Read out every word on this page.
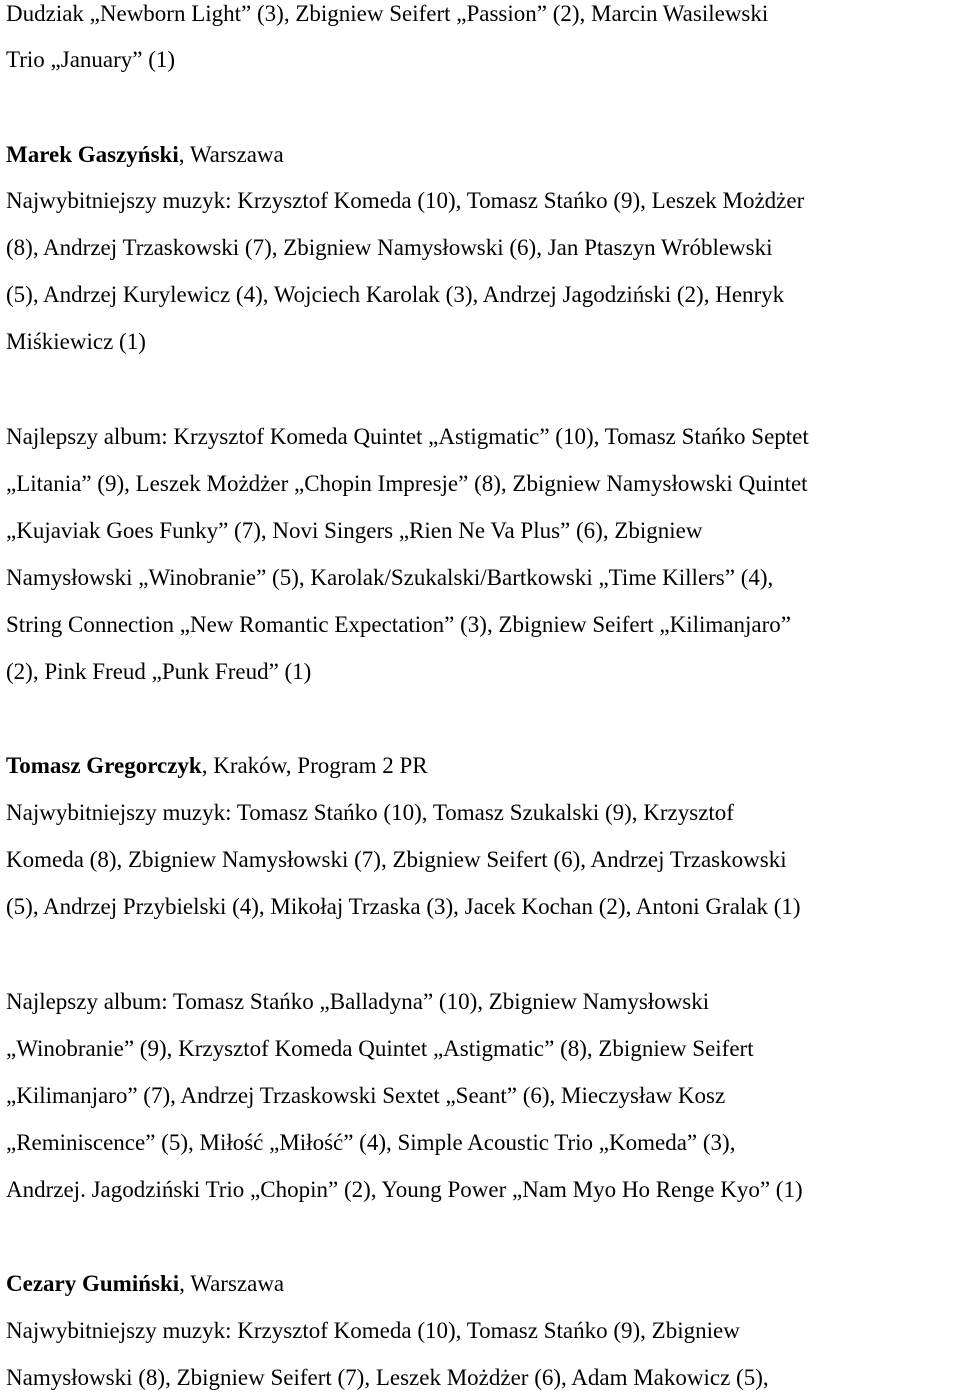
Dudziak „Newborn Light” (3), Zbigniew Seifert „Passion” (2), Marcin Wasilewski
Trio „January” (1)
Marek Gaszyński, Warszawa
Najwybitniejszy muzyk: Krzysztof Komeda (10), Tomasz Stańko (9), Leszek Możdżer
(8), Andrzej Trzaskowski (7), Zbigniew Namysłowski (6), Jan Ptaszyn Wróblewski
(5), Andrzej Kurylewicz (4), Wojciech Karolak (3), Andrzej Jagodziński (2), Henryk
Miśkiewicz (1)
Najlepszy album: Krzysztof Komeda Quintet „Astigmatic” (10), Tomasz Stańko Septet
„Litania” (9), Leszek Możdżer „Chopin Impresje” (8), Zbigniew Namysłowski Quintet
„Kujaviak Goes Funky” (7), Novi Singers „Rien Ne Va Plus” (6), Zbigniew
Namysłowski „Winobranie” (5), Karolak/Szukalski/Bartkowski „Time Killers” (4),
String Connection „New Romantic Expectation” (3), Zbigniew Seifert „Kilimanjaro”
(2), Pink Freud „Punk Freud” (1)
Tomasz Gregorczyk, Kraków, Program 2 PR
Najwybitniejszy muzyk: Tomasz Stańko (10), Tomasz Szukalski (9), Krzysztof
Komeda (8), Zbigniew Namysłowski (7), Zbigniew Seifert (6), Andrzej Trzaskowski
(5), Andrzej Przybielski (4), Mikołaj Trzaska (3), Jacek Kochan (2), Antoni Gralak (1)
Najlepszy album: Tomasz Stańko „Balladyna” (10), Zbigniew Namysłowski
„Winobranie” (9), Krzysztof Komeda Quintet „Astigmatic” (8), Zbigniew Seifert
„Kilimanjaro” (7), Andrzej Trzaskowski Sextet „Seant” (6), Mieczysław Kosz
„Reminiscence” (5), Miłość „Miłość” (4), Simple Acoustic Trio „Komeda” (3),
Andrzej. Jagodziński Trio „Chopin” (2), Young Power „Nam Myo Ho Renge Kyo” (1)
Cezary Gumiński, Warszawa
Najwybitniejszy muzyk: Krzysztof Komeda (10), Tomasz Stańko (9), Zbigniew
Namysłowski (8), Zbigniew Seifert (7), Leszek Możdżer (6), Adam Makowicz (5),
